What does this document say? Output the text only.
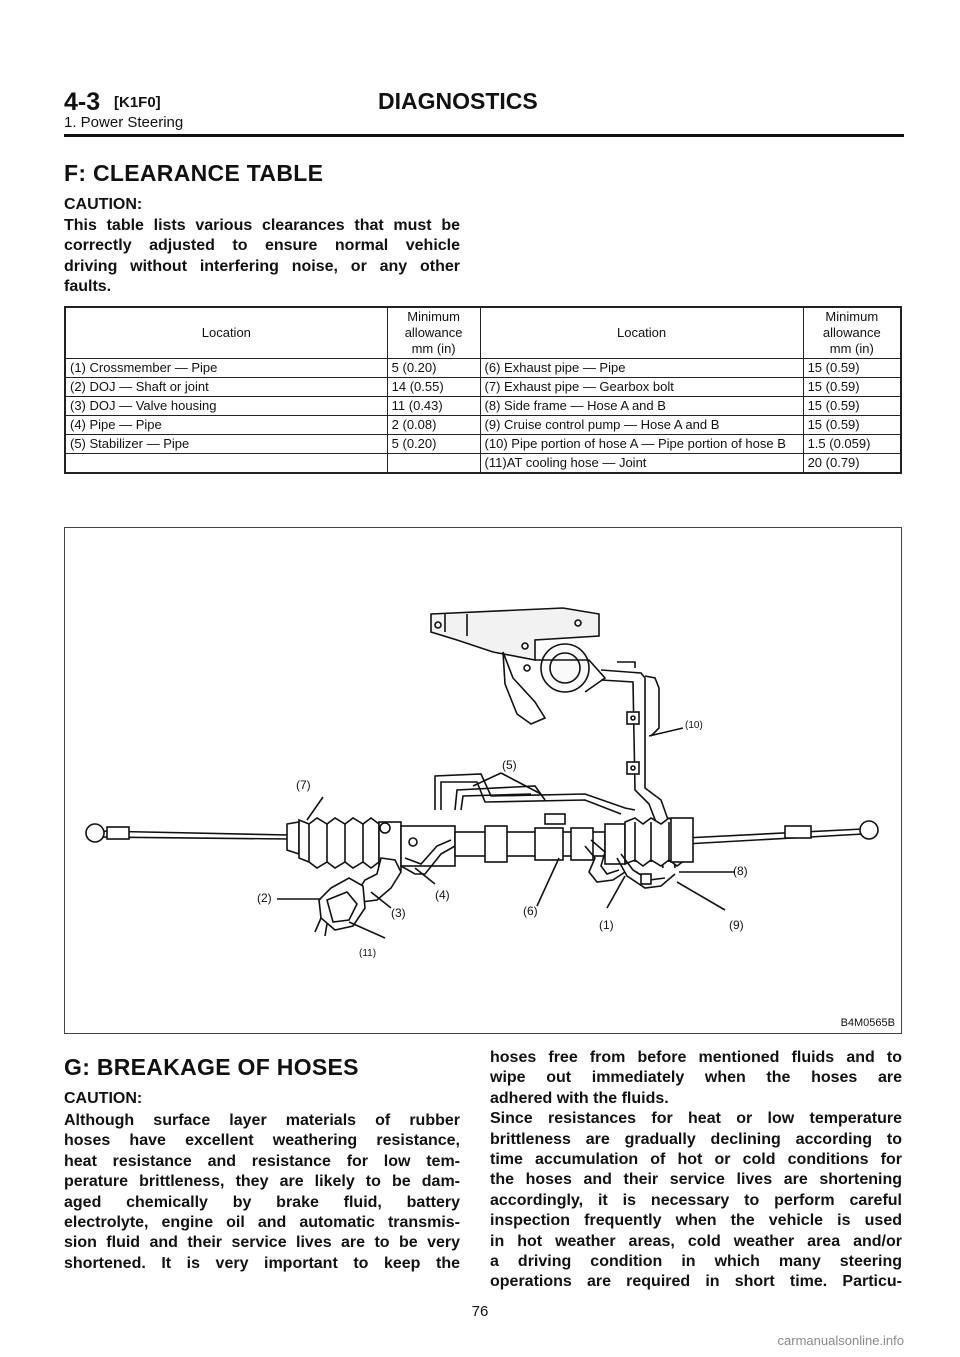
4-3 [K1F0]	DIAGNOSTICS
1. Power Steering
F: CLEARANCE TABLE
CAUTION:
This table lists various clearances that must be
correctly adjusted to ensure normal vehicle
driving without interfering noise, or any other
faults.
Location	Minimum
allowance
mm (in)	Location	Minimum
allowance
mm (in)

(1) Crossmember — Pipe	5 (0.20)	(6) Exhaust pipe — Pipe	15 (0.59)
(2) DOJ — Shaft or joint	14 (0.55)	(7) Exhaust pipe — Gearbox bolt	15 (0.59)
(3) DOJ — Valve housing	11 (0.43)	(8) Side frame — Hose A and B	15 (0.59)
(4) Pipe — Pipe	2 (0.08)	(9) Cruise control pump — Hose A and B	15 (0.59)
(5) Stabilizer — Pipe	5 (0.20)	(10) Pipe portion of hose A — Pipe portion of hose B	1.5 (0.059)
		(11)AT cooling hose — Joint	20 (0.79)
(7)
(5)
(10)
(2)
(3)
(4)
(6)
(1)
(8)
(9)
(11)
B4M0565B
G: BREAKAGE OF HOSES
CAUTION:
Although surface layer materials of rubber
hoses have excellent weathering resistance,
heat resistance and resistance for low tem-
perature brittleness, they are likely to be dam-
aged chemically by brake fluid, battery
electrolyte, engine oil and automatic transmis-
sion fluid and their service lives are to be very
shortened. It is very important to keep the
hoses free from before mentioned fluids and to
wipe out immediately when the hoses are
adhered with the fluids.
Since resistances for heat or low temperature
brittleness are gradually declining according to
time accumulation of hot or cold conditions for
the hoses and their service lives are shortening
accordingly, it is necessary to perform careful
inspection frequently when the vehicle is used
in hot weather areas, cold weather area and/or
a driving condition in which many steering
operations are required in short time. Particu-
76
carmanualsonline.info
